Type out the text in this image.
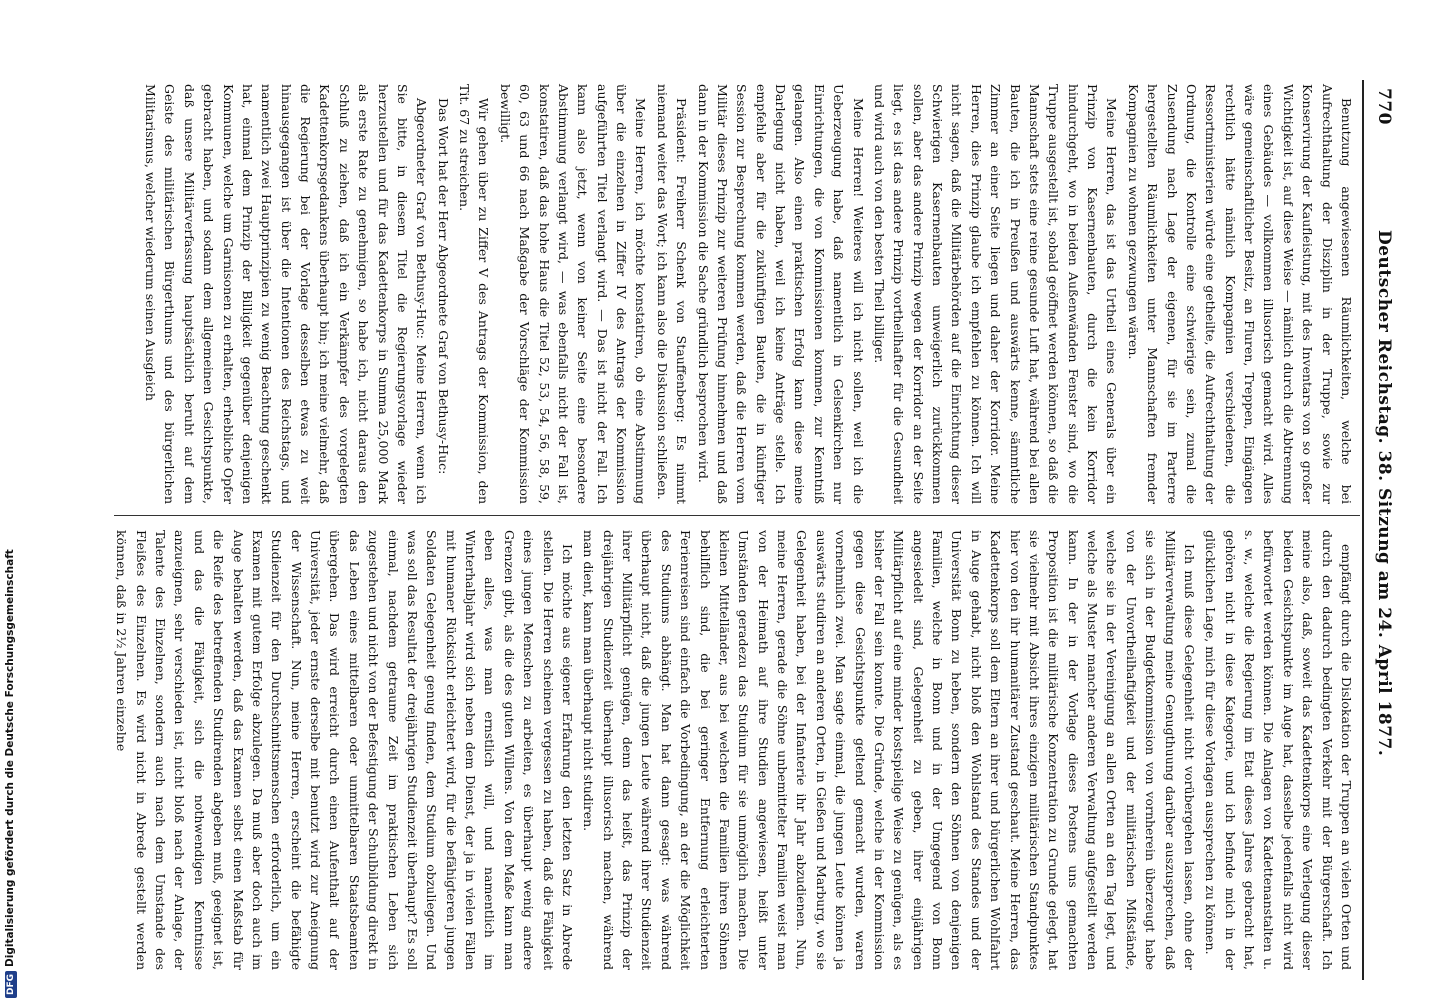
770
Deutscher Reichstag. 38. Sitzung am 24. April 1877.

Benutzung angewiesenen Räumlichkeiten, welche bei Aufrechthaltung der Disziplin in der Truppe, sowie zur Konservirung der Kaufleistung, mit des Inventars von so großer Wichtigkeit ist, auf diese Weise — nämlich durch die Abtrennung eines Gebäudes — vollkommen illusorisch gemacht wird. Alles wäre gemeinschaftlicher Besitz, an Fluren, Treppen, Eingängen rechtlich hätte nämlich Kompagnien verschiedenen, die Ressortministerien würde eine getheilte, die Aufrechthaltung der Ordnung, die Kontrolle eine schwierige sein, zumal die Zusendung nach Lage der eigenen, für sie im Parterre hergestellten Räumlichkeiten unter Mannschaften fremder Kompagnien zu wohnen gezwungen wären.

Meine Herren, das ist das Urtheil eines Generals über ein Prinzip von Kasernenbauten, durch die kein Korridor hindurchgeht, wo in beiden Außenwänden Fenster sind, wo die Truppe ausgestellt ist, sobald geöffnet werden können, so daß die Mannschaft stets eine reine gesunde Luft hat, während bei allen Bauten, die ich in Preußen und auswärts kenne, sämmtliche Zimmer an einer Seite liegen und daher der Korridor. Meine Herren, dies Prinzip glaube ich empfehlen zu können. Ich will nicht sagen, daß die Militärbehörden auf die Einrichtung dieser Schwierigen Kasernenbauten unweigerlich zurückkommen sollen, aber das andere Prinzip wegen der Korridor an der Seite liegt, es ist das andere Prinzip vortheilhafter für die Gesundheit und wird auch von den besten Theil billiger.

Meine Herren! Weiteres will ich nicht sollen, weil ich die Ueberzeugung habe, daß namentlich in Gelsenkirchen nur Einrichtungen, die von Kommissionen kommen, zur Kenntniß gelangen. Also einen praktischen Erfolg kann diese meine Darlegung nicht haben, weil ich keine Anträge stelle. Ich empfehle aber für die zukünftigen Bauten, die in künftiger Session zur Besprechung kommen werden, daß die Herren vom Militär dieses Prinzip zur weiteren Prüfung hinnehmen und daß dann in der Kommission die Sache gründlich besprochen wird.

Präsident: Freiherr Schenk von Stauffenberg: Es nimmt niemand weiter das Wort; ich kann also die Diskussion schließen.

Meine Herren, ich möchte konstatiren, ob eine Abstimmung über die einzelnen in Ziffer IV des Antrags der Kommission aufgeführten Titel verlangt wird. — Das ist nicht der Fall. Ich kann also jetzt, wenn von keiner Seite eine besondere Abstimmung verlangt wird, — was ebenfalls nicht der Fall ist, konstatiren, daß das hohe Haus die Titel 52, 53, 54, 56, 58, 59, 60, 63 und 66 nach Maßgabe der Vorschläge der Kommission bewilligt.

Wir gehen über zu Ziffer V des Antrags der Kommission, den Tit. 67 zu streichen.

Das Wort hat der Herr Abgeordnete Graf von Bethusy-Huc:

Abgeordneter Graf von Bethusy-Huc: Meine Herren, wenn ich Sie bitte, in diesem Titel die Regierungsvorlage wieder herzustellen und für das Kadettenkorps in Summa 25,000 Mark als erste Rate zu genehmigen, so habe ich, nicht daraus den Schluß zu ziehen, daß ich ein Verkämpfer des vorgelegten Kadettenkorpsgedankens überhaupt bin; ich meine vielmehr, daß die Regierung bei der Vorlage desselben etwas zu weit hinausgegangen ist über die Intentionen des Reichstags, und namentlich zwei Hauptprinzipien zu wenig Beachtung geschenkt hat, einmal dem Prinzip der Billigkeit gegenüber denjenigen Kommunen, welche um Garnisonen zu erhalten, erhebliche Opfer gebracht haben, und sodann dem allgemeinen Gesichtspunkte, daß unsere Militärverfassung hauptsächlich beruht auf dem Geiste des militärischen Bürgerthums und des bürgerlichen Militarismus, welcher wiederum seinen Ausgleich

empfängt durch die Dislokation der Truppen an vielen Orten und durch den dadurch bedingten Verkehr mit der Bürgerschaft. Ich meine also, daß, soweit das Kadettenkorps eine Verlegung dieser beiden Gesichtspunkte im Auge hat, dasselbe jedenfalls nicht wird befürwortet werden können. Die Anlagen von Kadettenanstalten u. s. w., welche die Regierung im Etat dieses Jahres gebracht hat, gehören nicht in diese Kategorie, und ich befinde mich in der glücklichen Lage, mich für diese Vorlagen aussprechen zu können.

Ich muß diese Gelegenheit nicht vorübergehen lassen, ohne der Militärverwaltung meine Genugthuung darüber auszusprechen, daß sie sich in der Budgetkommission von vornherein überzeugt habe von der Unvortheilhaftigkeit und der militärischen Mißstände, welche sie in der Vereinigung an allen Orten an den Tag legt, und welche als Muster mancher anderen Verwaltung aufgestellt werden kann. In der in der Vorlage dieses Postens uns gemachten Proposition ist die militärische Konzentration zu Grunde gelegt, hat sie vielmehr mit Absicht ihres einzigen militärischen Standpunktes hier von den ihr humanitärer Zustand geschaut. Meine Herren, das Kadettenkorps soll dem Eltern an ihrer und bürgerlichen Wohlfahrt in Auge gehabt, nicht bloß den Wohlstand des Standes und der Universität Bonn zu heben, sondern den Söhnen von denjenigen Familien, welche in Bonn und in der Umgegend von Bonn angesiedelt sind, Gelegenheit zu geben, ihrer einjährigen Militärpflicht auf eine minder kostspielige Weise zu genügen, als es bisher der Fall sein konnte. Die Gründe, welche in der Kommission gegen diese Gesichtspunkte geltend gemacht wurden, waren vornehmlich zwei. Man sagte einmal, die jungen Leute können ja auswärts studiren an anderen Orten, in Gießen und Marburg, wo sie Gelegenheit haben, bei der Infanterie ihr Jahr abzudienen. Nun, meine Herren, gerade die Söhne unbemittelter Familien weist man von der Heimath auf ihre Studien angewiesen, heißt unter Umständen geradezu das Studium für sie unmöglich machen. Die kleinen Mittelländer, aus bei welchen die Familien ihren Söhnen behilflich sind, die bei geringer Entfernung erleichterten Ferienreisen sind einfach die Vorbedingung, an der die Möglichkeit des Studiums abhängt. Man hat dann gesagt: was während überhaupt nicht, daß die jungen Leute während ihrer Studienzeit ihrer Militärpflicht genügen, denn das heißt, das Prinzip der dreijährigen Studienzeit überhaupt illusorisch machen, während man dient, kann man überhaupt nicht studiren.

Ich möchte aus eigener Erfahrung den letzten Satz in Abrede stellen. Die Herren scheinen vergessen zu haben, daß die Fähigkeit eines jungen Menschen zu arbeiten, es überhaupt wenig andere Grenzen gibt, als die des guten Willens. Von dem Maße kann man eben alles, was man ernstlich will, und namentlich im Winterhalbjahr wird sich neben dem Dienst, der ja in vielen Fällen mit humaner Rücksicht erleichtert wird, für die befähigteren jungen Soldaten Gelegenheit genug finden, dem Studium obzuliegen. Und was soll das Resultat der dreijährigen Studienzeit überhaupt? Es soll einmal, nachdem getraume Zeit im praktischen Leben sich zugestehen und nicht von der Befestigung der Schulbildung direkt in das Leben eines mittelbaren oder unmittelbaren Staatsbeamten übergehen. Das wird erreicht durch einen Aufenthalt auf der Universität, jeder ernste derselbe mit benutzt wird zur Aneignung der Wissenschaft. Nun, meine Herren, erscheint die befähigte Studienzeit für den Durchschnittsmenschen erforderlich, um ein Examen mit gutem Erfolge abzulegen. Da muß aber doch auch im Auge behalten werden, daß das Examen selbst einen Maßstab für die Reife des betreffenden Studirenden abgeben muß, geeignet ist, und das die Fähigkeit, sich die nothwendigen Kenntnisse anzueignen, sehr verschieden ist, nicht bloß nach der Anlage, der Talente des Einzelnen, sondern auch nach dem Umstande des Fleißes des Einzelnen. Es wird nicht in Abrede gestellt werden können, daß in 2½ Jahren einzelne

DFGDigitalisierung gefördert durch die Deutsche Forschungsgemeinschaft
